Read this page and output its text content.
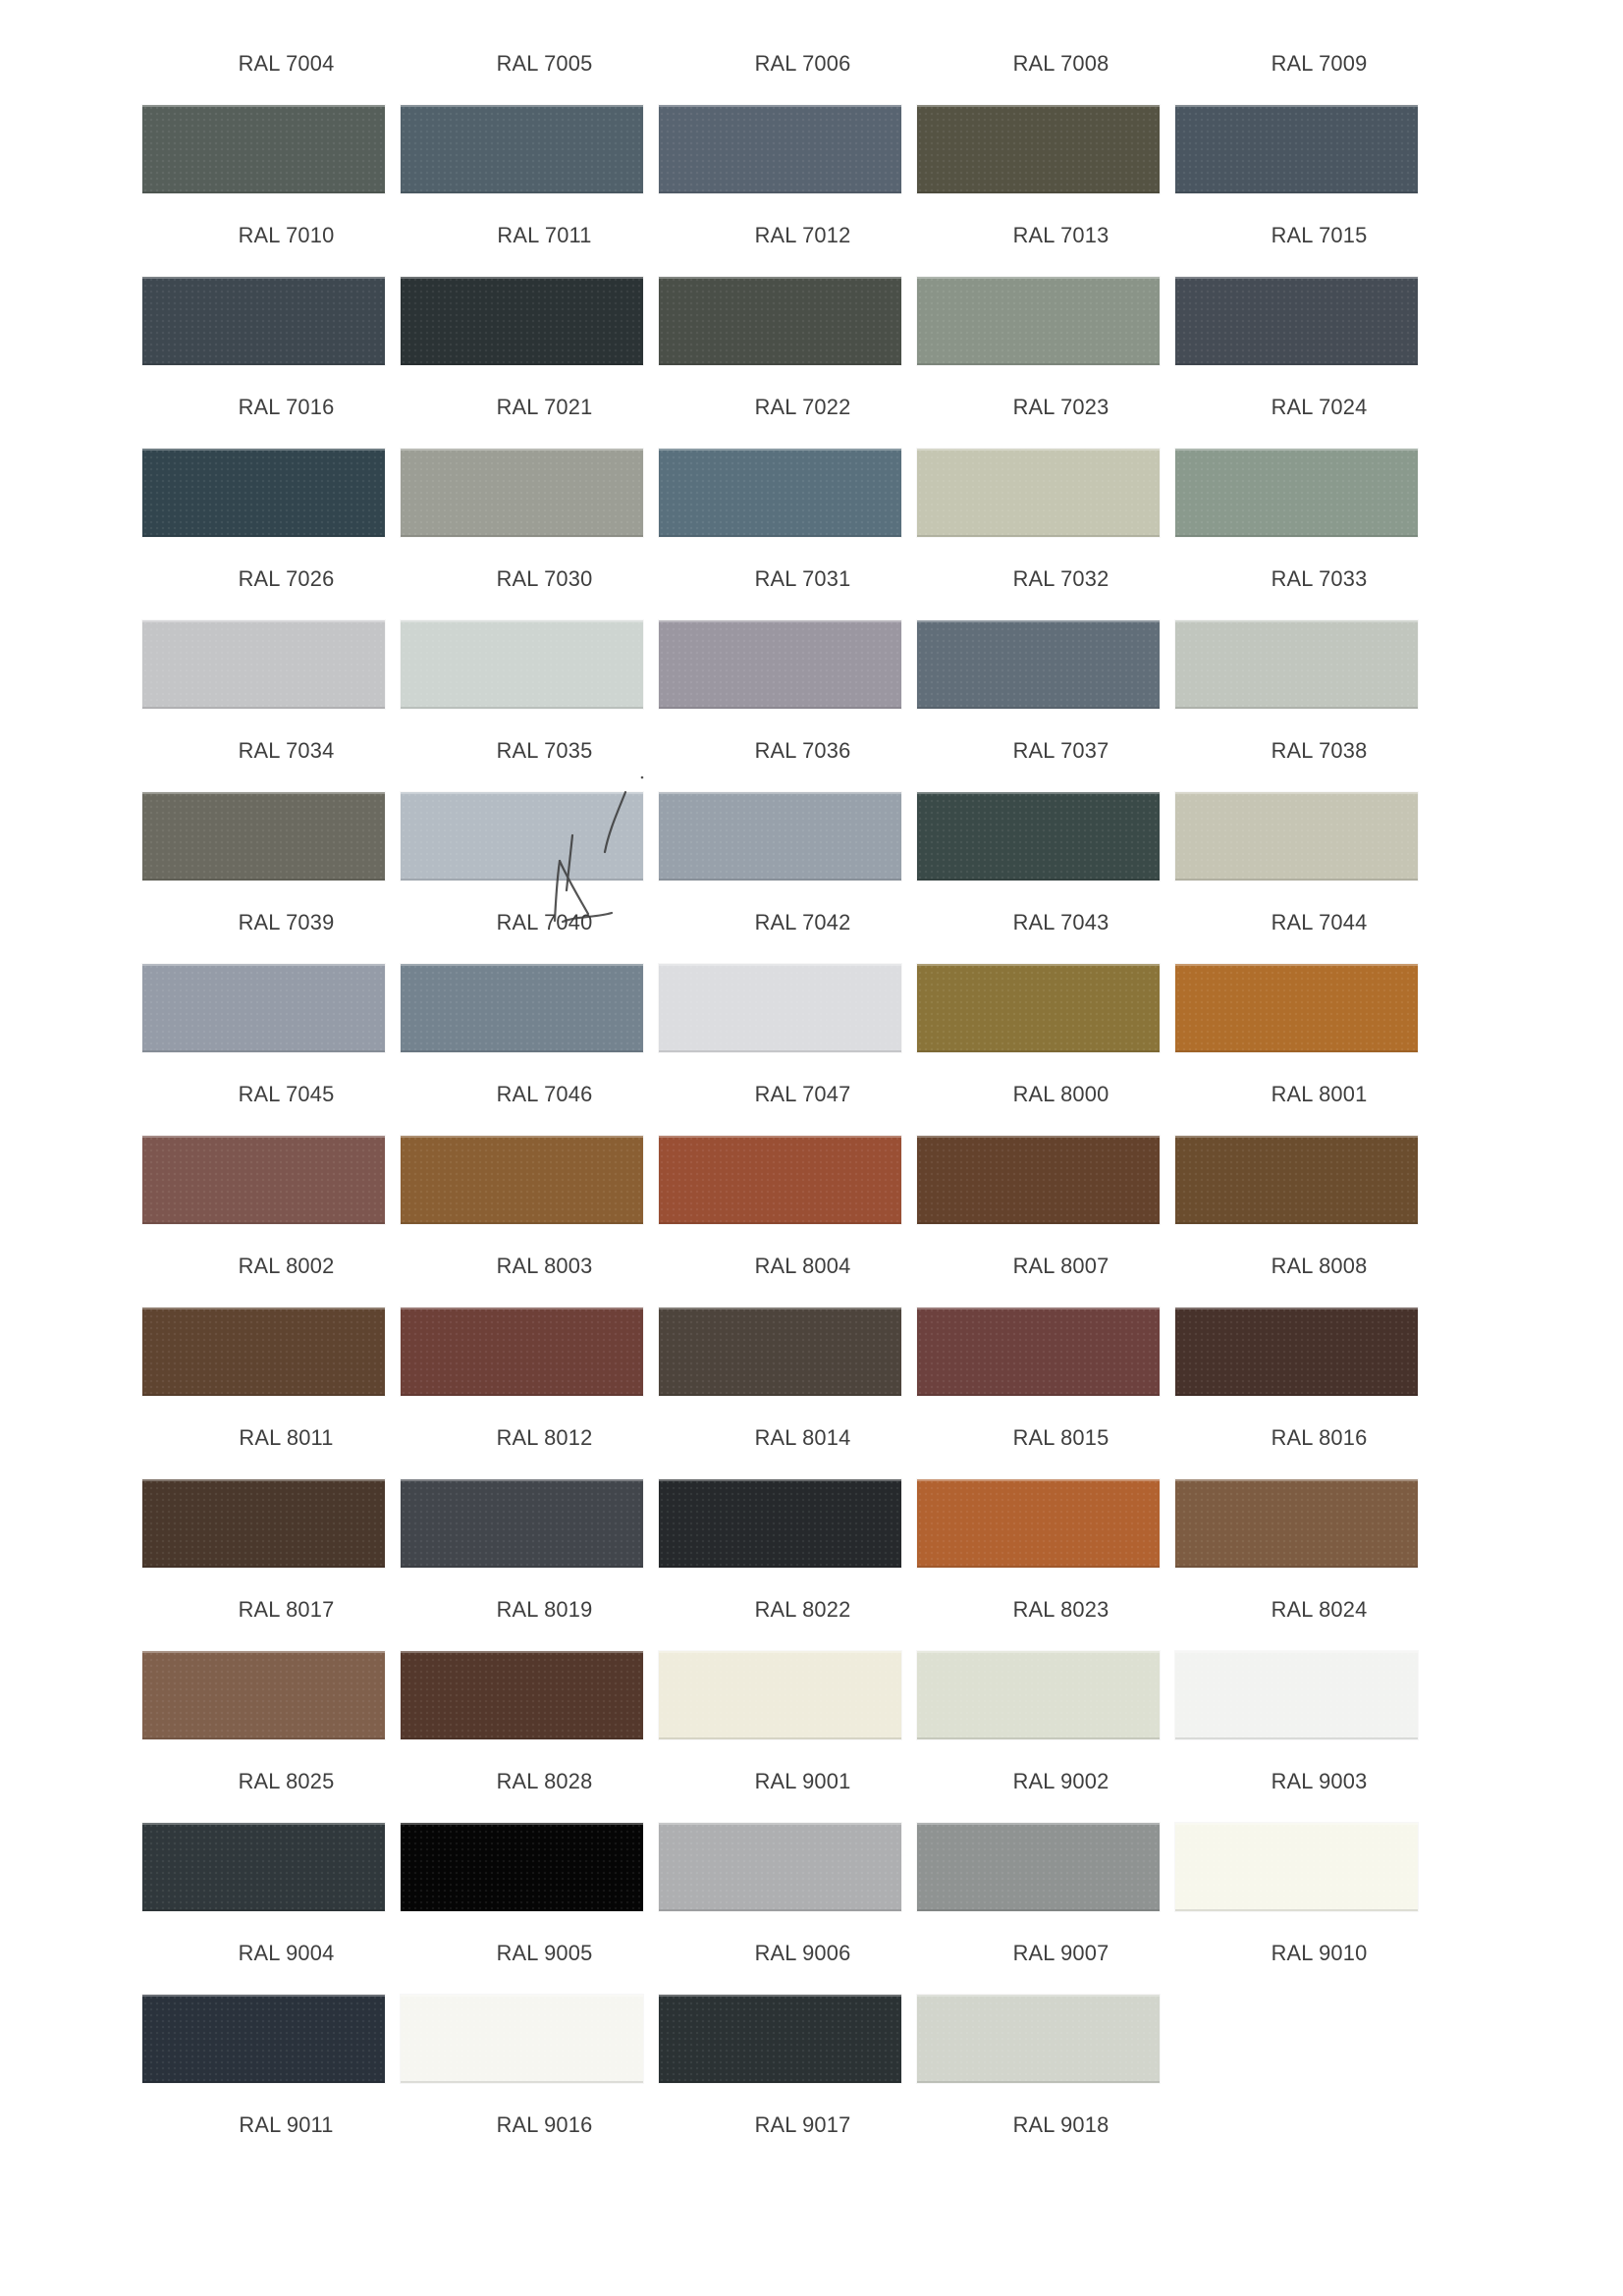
RAL 7004	RAL 7005	RAL 7006	RAL 7008	RAL 7009
RAL 7010	RAL 7011	RAL 7012	RAL 7013	RAL 7015
RAL 7016	RAL 7021	RAL 7022	RAL 7023	RAL 7024
RAL 7026	RAL 7030	RAL 7031	RAL 7032	RAL 7033
RAL 7034	RAL 7035	RAL 7036	RAL 7037	RAL 7038
RAL 7039	RAL 7040	RAL 7042	RAL 7043	RAL 7044
RAL 7045	RAL 7046	RAL 7047	RAL 8000	RAL 8001
RAL 8002	RAL 8003	RAL 8004	RAL 8007	RAL 8008
RAL 8011	RAL 8012	RAL 8014	RAL 8015	RAL 8016
RAL 8017	RAL 8019	RAL 8022	RAL 8023	RAL 8024
RAL 8025	RAL 8028	RAL 9001	RAL 9002	RAL 9003
RAL 9004	RAL 9005	RAL 9006	RAL 9007	RAL 9010
RAL 9011	RAL 9016	RAL 9017	RAL 9018
